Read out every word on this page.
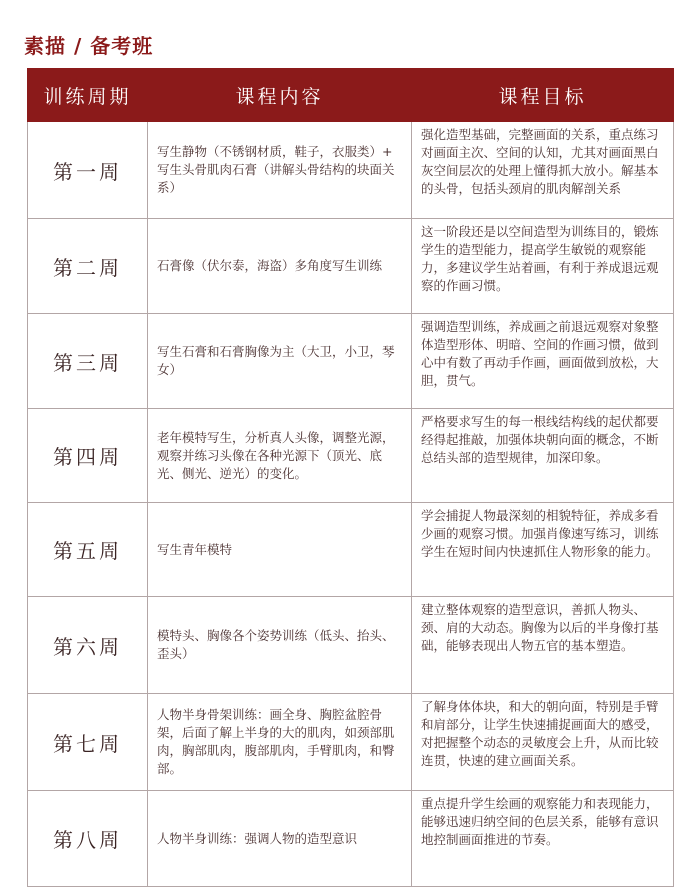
素描 / 备考班
训练周期	课程内容	课程目标
第一周	写生静物（不锈钢材质，鞋子，衣服类）+ 写生头骨肌肉石膏（讲解头骨结构的块面关系）	强化造型基础，完整画面的关系，重点练习对画面主次、空间的认知，尤其对画面黑白灰空间层次的处理上懂得抓大放小。解基本的头骨，包括头颈肩的肌肉解剖关系
第二周	石膏像（伏尔泰，海盗）多角度写生训练	这一阶段还是以空间造型为训练目的，锻炼学生的造型能力，提高学生敏锐的观察能力，多建议学生站着画，有利于养成退远观察的作画习惯。
第三周	写生石膏和石膏胸像为主（大卫，小卫，琴女）	强调造型训练，养成画之前退远观察对象整体造型形体、明暗、空间的作画习惯，做到心中有数了再动手作画，画面做到放松，大胆，贯气。
第四周	老年模特写生，分析真人头像，调整光源，观察并练习头像在各种光源下（顶光、底光、侧光、逆光）的变化。	严格要求写生的每一根线结构线的起伏都要经得起推敲，加强体块朝向面的概念，不断总结头部的造型规律，加深印象。
第五周	写生青年模特	学会捕捉人物最深刻的相貌特征，养成多看少画的观察习惯。加强肖像速写练习，训练学生在短时间内快速抓住人物形象的能力。
第六周	模特头、胸像各个姿势训练（低头、抬头、歪头）	建立整体观察的造型意识，善抓人物头、颈、肩的大动态。胸像为以后的半身像打基础，能够表现出人物五官的基本塑造。
第七周	人物半身骨架训练：画全身、胸腔盆腔骨架，后面了解上半身的大的肌肉，如颈部肌肉，胸部肌肉，腹部肌肉，手臂肌肉，和臀部。	了解身体体块，和大的朝向面，特别是手臂和肩部分，让学生快速捕捉画面大的感受，对把握整个动态的灵敏度会上升，从而比较连贯，快速的建立画面关系。
第八周	人物半身训练：强调人物的造型意识	重点提升学生绘画的观察能力和表现能力，能够迅速归纳空间的色层关系，能够有意识地控制画面推进的节奏。
